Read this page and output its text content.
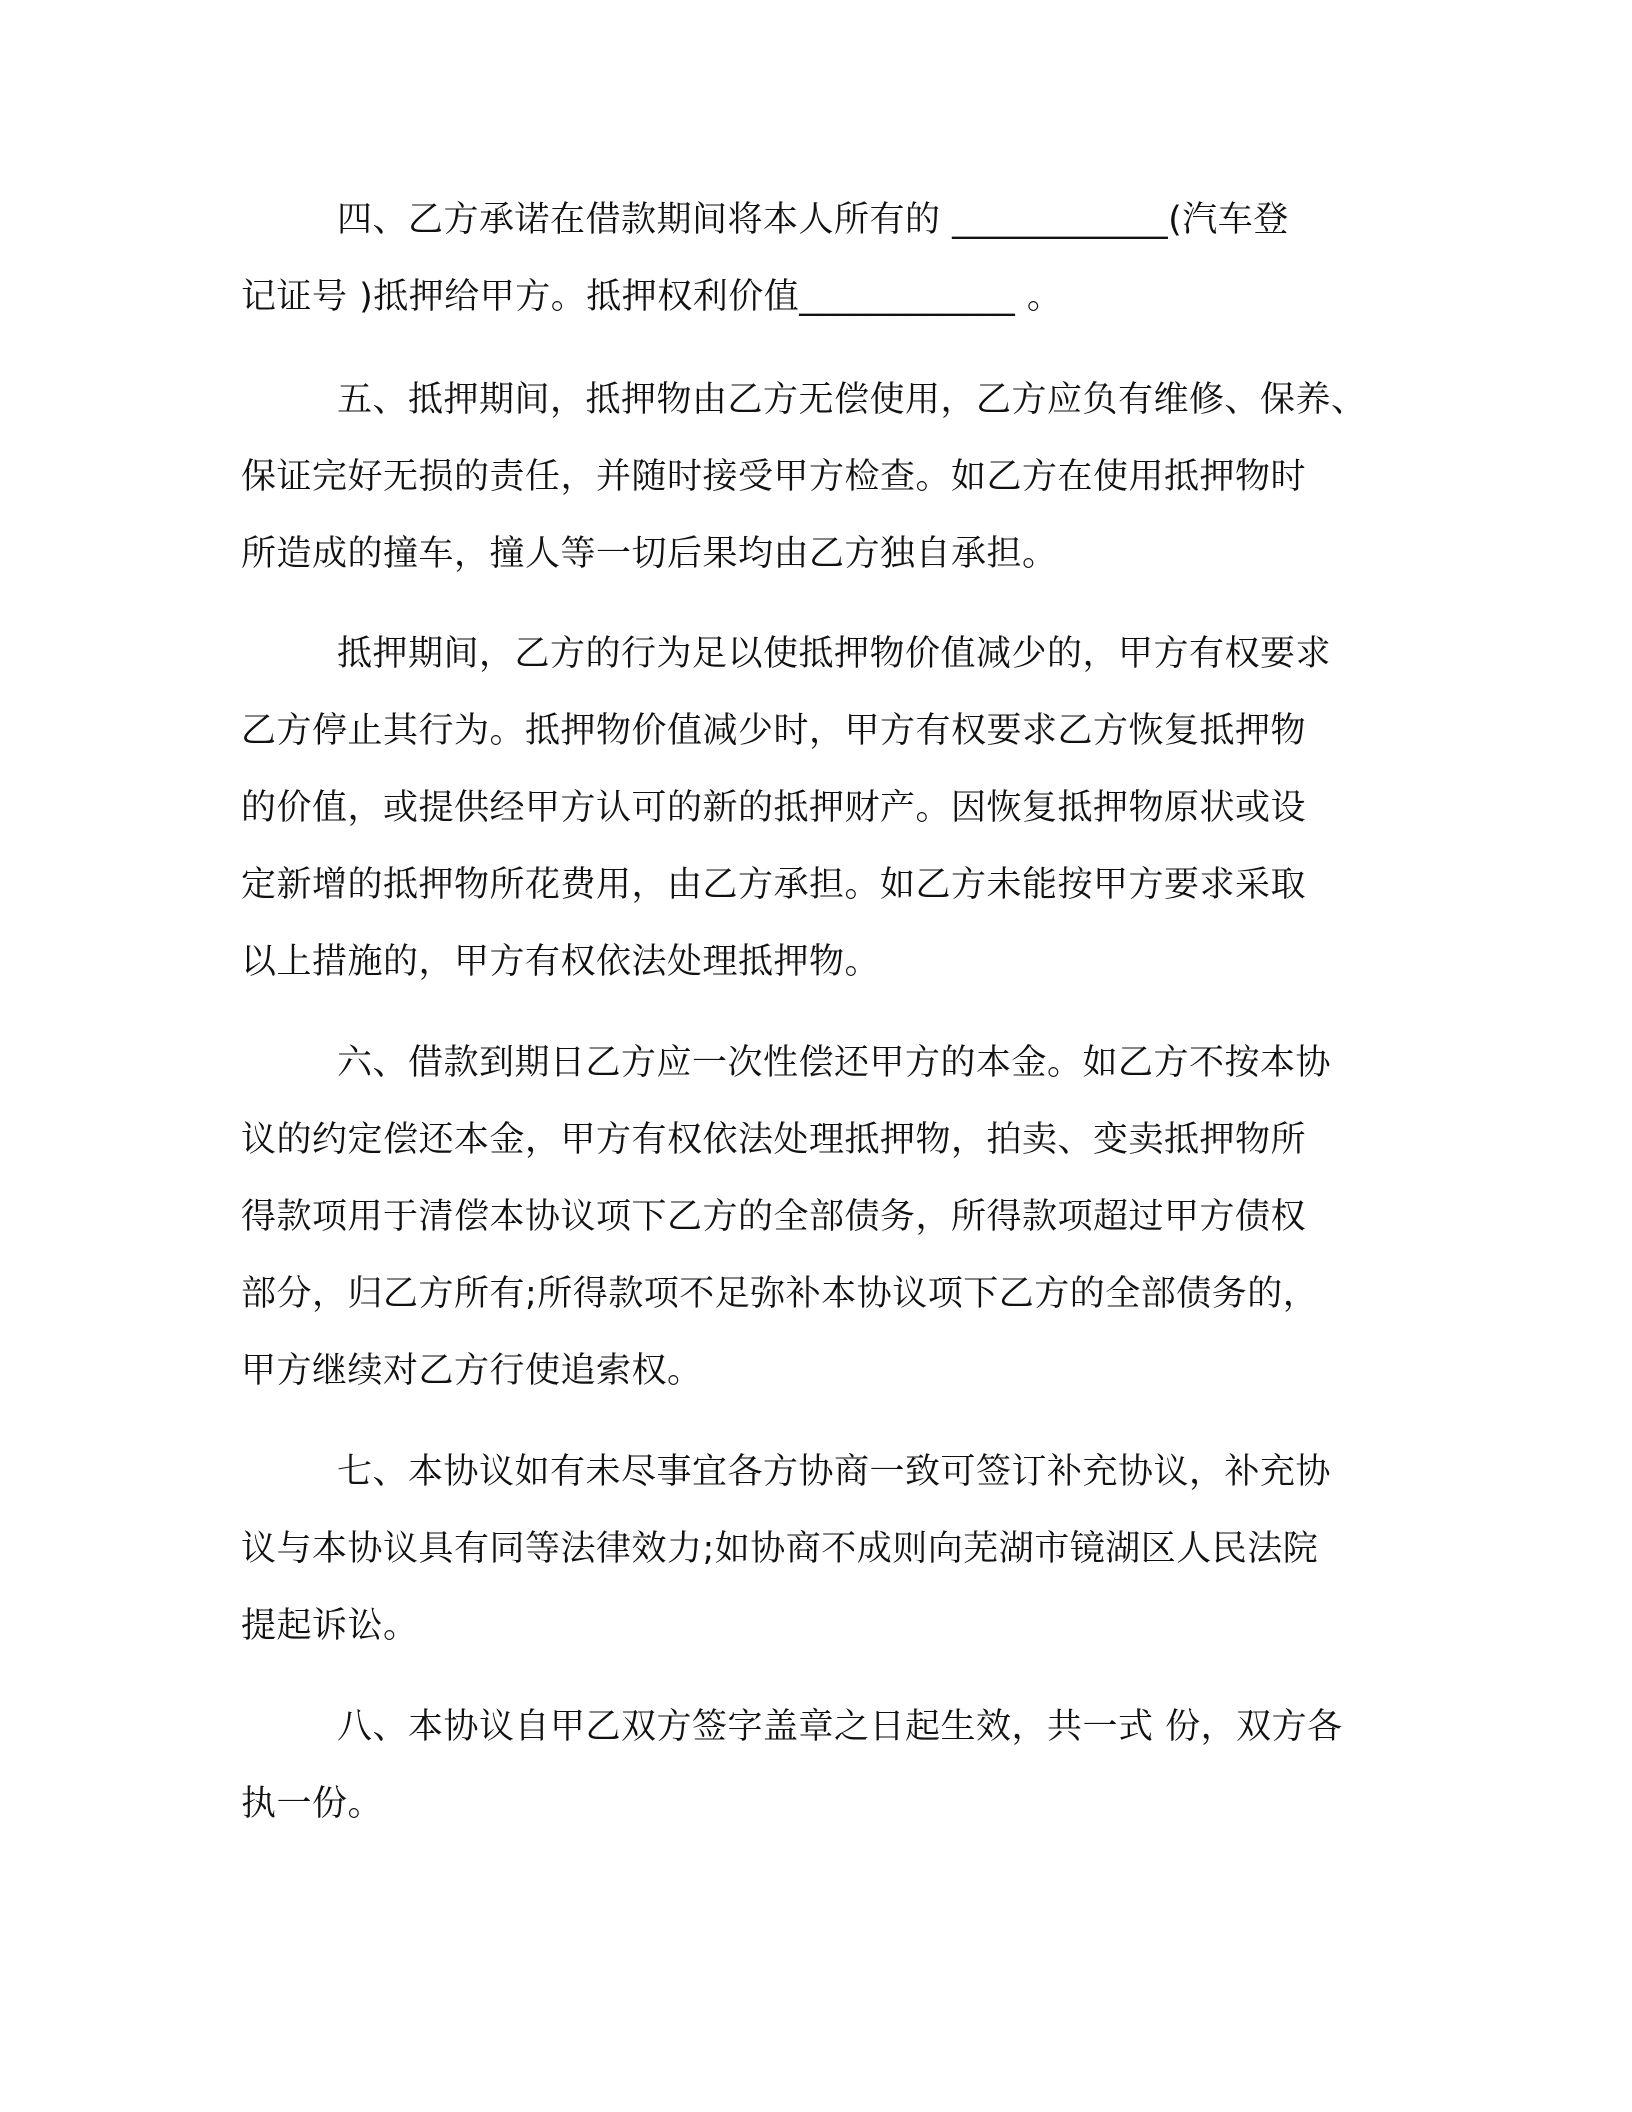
四、乙方承诺在借款期间将本人所有的 ____________(汽车登
记证号 )抵押给甲方。抵押权利价值____________ 。
五、抵押期间，抵押物由乙方无偿使用，乙方应负有维修、保养、
保证完好无损的责任，并随时接受甲方检查。如乙方在使用抵押物时
所造成的撞车，撞人等一切后果均由乙方独自承担。
抵押期间，乙方的行为足以使抵押物价值减少的，甲方有权要求
乙方停止其行为。抵押物价值减少时，甲方有权要求乙方恢复抵押物
的价值，或提供经甲方认可的新的抵押财产。因恢复抵押物原状或设
定新增的抵押物所花费用，由乙方承担。如乙方未能按甲方要求采取
以上措施的，甲方有权依法处理抵押物。
六、借款到期日乙方应一次性偿还甲方的本金。如乙方不按本协
议的约定偿还本金，甲方有权依法处理抵押物，拍卖、变卖抵押物所
得款项用于清偿本协议项下乙方的全部债务，所得款项超过甲方债权
部分，归乙方所有;所得款项不足弥补本协议项下乙方的全部债务的，
甲方继续对乙方行使追索权。
七、本协议如有未尽事宜各方协商一致可签订补充协议，补充协
议与本协议具有同等法律效力;如协商不成则向芜湖市镜湖区人民法院
提起诉讼。
八、本协议自甲乙双方签字盖章之日起生效，共一式 份，双方各
执一份。
